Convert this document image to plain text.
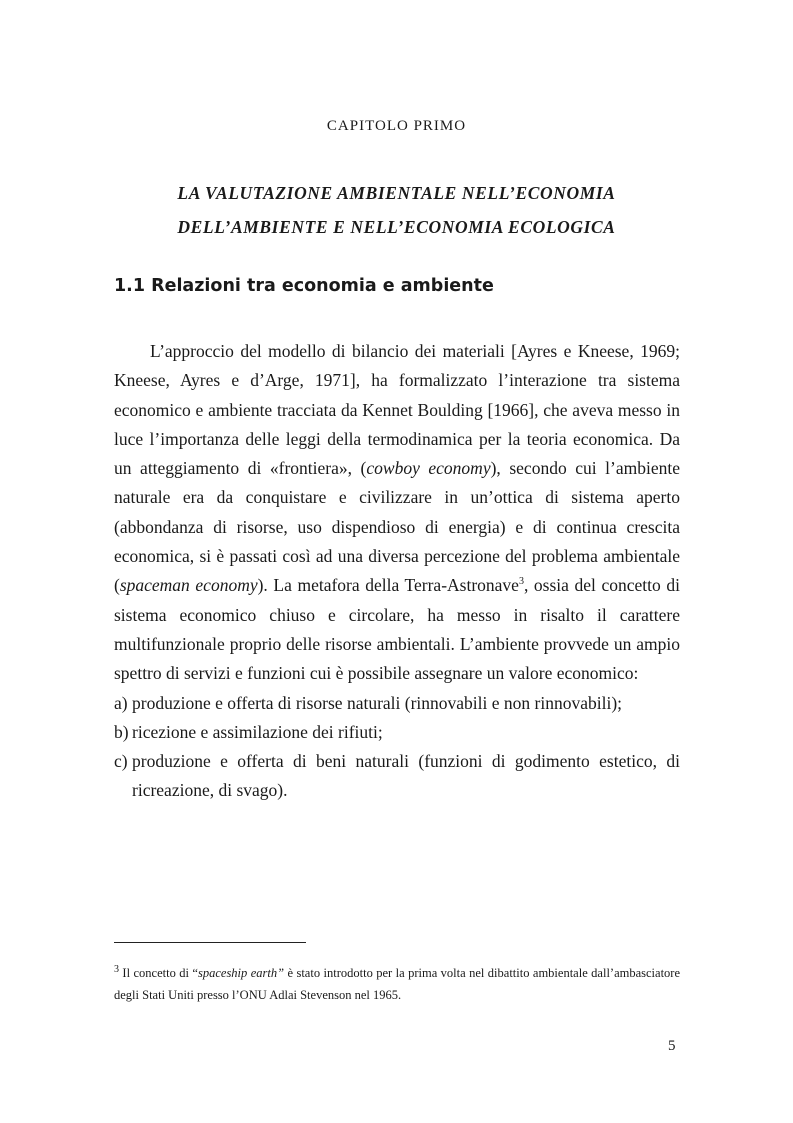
CAPITOLO PRIMO
LA VALUTAZIONE AMBIENTALE NELL’ECONOMIA
DELL’AMBIENTE E NELL’ECONOMIA ECOLOGICA
1.1 Relazioni tra economia e ambiente

L’approccio del modello di bilancio dei materiali [Ayres e Kneese, 1969; Kneese, Ayres e d’Arge, 1971], ha formalizzato l’interazione tra sistema economico e ambiente tracciata da Kennet Boulding [1966], che aveva messo in luce l’importanza delle leggi della termodinamica per la teoria economica. Da un atteggiamento di «frontiera», (cowboy economy), secondo cui l’ambiente naturale era da conquistare e civilizzare in un’ottica di sistema aperto (abbondanza di risorse, uso dispendioso di energia) e di continua crescita economica, si è passati così ad una diversa percezione del problema ambientale (spaceman economy). La metafora della Terra-Astronave$^3$, ossia del concetto di sistema economico chiuso e circolare, ha messo in risalto il carattere multifunzionale proprio delle risorse ambientali. L’ambiente provvede un ampio spettro di servizi e funzioni cui è possibile assegnare un valore economico:

a) produzione e offerta di risorse naturali (rinnovabili e non rinnovabili);
b) ricezione e assimilazione dei rifiuti;
c) produzione e offerta di beni naturali (funzioni di godimento estetico, di ricreazione, di svago).
$^3$ Il concetto di “spaceship earth” è stato introdotto per la prima volta nel dibattito ambientale dall’ambasciatore degli Stati Uniti presso l’ONU Adlai Stevenson nel 1965.
5
